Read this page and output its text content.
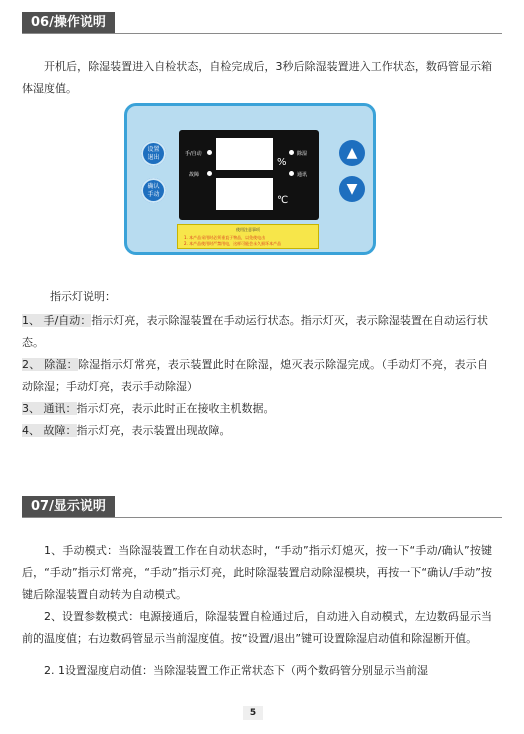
06/操作说明

开机后，除湿装置进入自检状态，自检完成后，3秒后除湿装置进入工作状态，数码管显示箱体湿度值。

设置
退出
确认
手动
手/自动
故障
%
℃
除湿
通讯
▲
▼
使用注意事项
1. 本产品采用时必须垂直于物品，以免使电击
2. 本产品使用时严禁用电，这样可能会永久损坏本产品
指示灯说明：

1、 手/自动：指示灯亮，表示除湿装置在手动运行状态。指示灯灭，表示除湿装置在自动运行状态。

2、 除湿：除湿指示灯常亮，表示装置此时在除湿，熄灭表示除湿完成。（手动灯不亮，表示自动除湿；手动灯亮，表示手动除湿）

3、 通讯：指示灯亮，表示此时正在接收主机数据。

4、 故障：指示灯亮，表示装置出现故障。

07/显示说明

1、手动模式：当除湿装置工作在自动状态时，“手动”指示灯熄灭，按一下“手动/确认”按键后，“手动”指示灯常亮，“手动”指示灯亮，此时除湿装置启动除湿模块，再按一下“确认/手动”按键后除湿装置自动转为自动模式。

2、设置参数模式：电源接通后，除湿装置自检通过后，自动进入自动模式，左边数码显示当前的温度值；右边数码管显示当前湿度值。按“设置/退出”键可设置除湿启动值和除湿断开值。

2. 1设置湿度启动值：当除湿装置工作正常状态下（两个数码管分别显示当前湿

5
